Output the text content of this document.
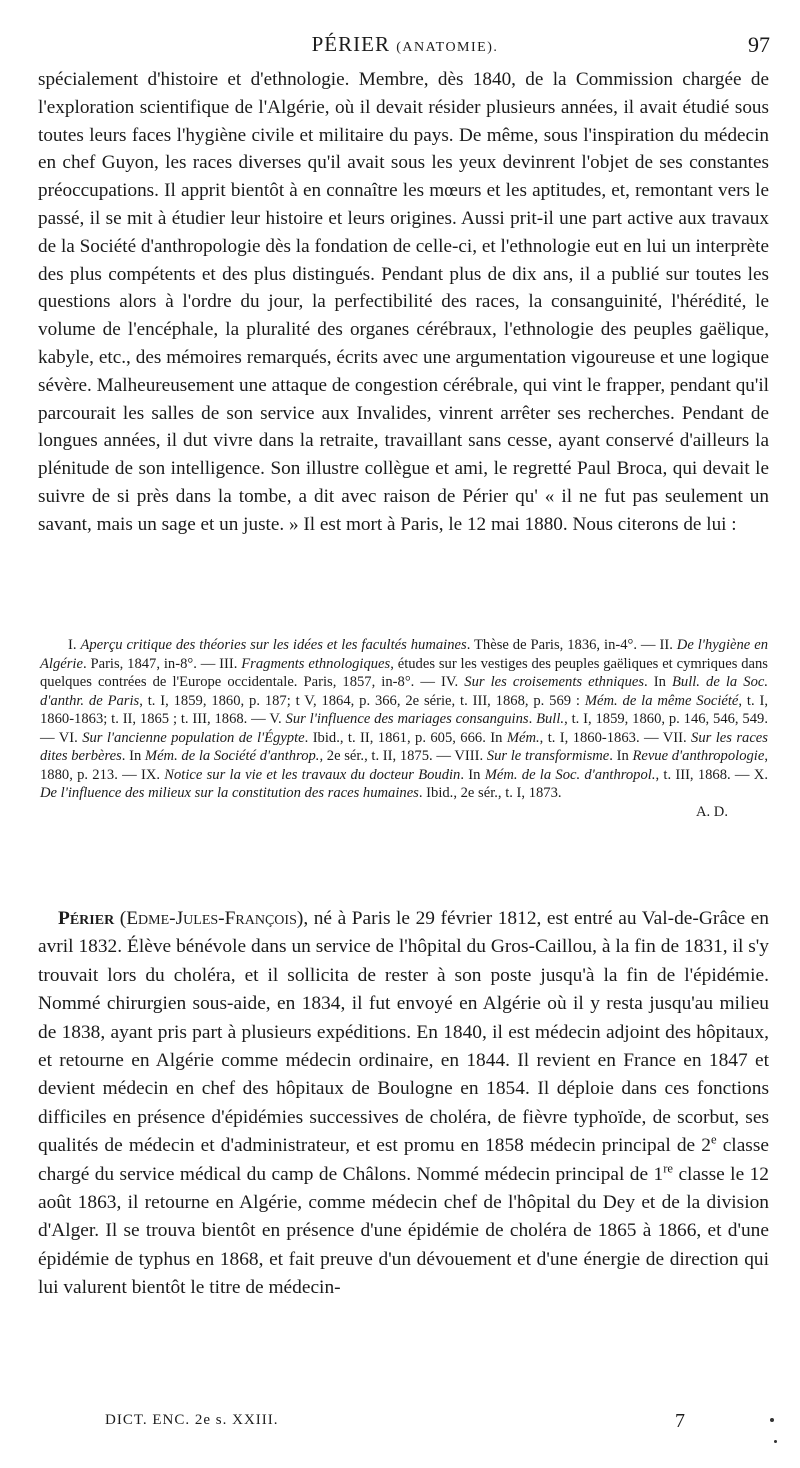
PÉRIER (ANATOMIE).	97

spécialement d'histoire et d'ethnologie. Membre, dès 1840, de la Commission chargée de l'exploration scientifique de l'Algérie, où il devait résider plusieurs années, il avait étudié sous toutes leurs faces l'hygiène civile et militaire du pays. De même, sous l'inspiration du médecin en chef Guyon, les races diverses qu'il avait sous les yeux devinrent l'objet de ses constantes préoccupations. Il apprit bientôt à en connaître les mœurs et les aptitudes, et, remontant vers le passé, il se mit à étudier leur histoire et leurs origines. Aussi prit-il une part active aux travaux de la Société d'anthropologie dès la fondation de celle-ci, et l'ethnologie eut en lui un interprète des plus compétents et des plus distingués. Pendant plus de dix ans, il a publié sur toutes les questions alors à l'ordre du jour, la perfectibilité des races, la consanguinité, l'hérédité, le volume de l'encéphale, la pluralité des organes cérébraux, l'ethnologie des peuples gaëlique, kabyle, etc., des mémoires remarqués, écrits avec une argumentation vigoureuse et une logique sévère. Malheureusement une attaque de congestion cérébrale, qui vint le frapper, pendant qu'il parcourait les salles de son service aux Invalides, vinrent arrêter ses recherches. Pendant de longues années, il dut vivre dans la retraite, travaillant sans cesse, ayant conservé d'ailleurs la plénitude de son intelligence. Son illustre collègue et ami, le regretté Paul Broca, qui devait le suivre de si près dans la tombe, a dit avec raison de Périer qu' « il ne fut pas seulement un savant, mais un sage et un juste. » Il est mort à Paris, le 12 mai 1880. Nous citerons de lui :

I. Aperçu critique des théories sur les idées et les facultés humaines. Thèse de Paris, 1836, in-4°. — II. De l'hygiène en Algérie. Paris, 1847, in-8°. — III. Fragments ethnologiques, études sur les vestiges des peuples gaëliques et cymriques dans quelques contrées de l'Europe occidentale. Paris, 1857, in-8°. — IV. Sur les croisements ethniques. In Bull. de la Soc. d'anthr. de Paris, t. I, 1859, 1860, p. 187; t V, 1864, p. 366, 2e série, t. III, 1868, p. 569 : Mém. de la même Société, t. I, 1860-1863; t. II, 1865 ; t. III, 1868. — V. Sur l'influence des mariages consanguins. Bull., t. I, 1859, 1860, p. 146, 546, 549. — VI. Sur l'ancienne population de l'Égypte. Ibid., t. II, 1861, p. 605, 666. In Mém., t. I, 1860-1863. — VII. Sur les races dites berbères. In Mém. de la Société d'anthrop., 2e sér., t. II, 1875. — VIII. Sur le transformisme. In Revue d'anthropologie, 1880, p. 213. — IX. Notice sur la vie et les travaux du docteur Boudin. In Mém. de la Soc. d'anthropol., t. III, 1868. — X. De l'influence des milieux sur la constitution des races humaines. Ibid., 2e sér., t. I, 1873.

A. D.

Périer (Edme-Jules-François), né à Paris le 29 février 1812, est entré au Val-de-Grâce en avril 1832. Élève bénévole dans un service de l'hôpital du Gros-Caillou, à la fin de 1831, il s'y trouvait lors du choléra, et il sollicita de rester à son poste jusqu'à la fin de l'épidémie. Nommé chirurgien sous-aide, en 1834, il fut envoyé en Algérie où il y resta jusqu'au milieu de 1838, ayant pris part à plusieurs expéditions. En 1840, il est médecin adjoint des hôpitaux, et retourne en Algérie comme médecin ordinaire, en 1844. Il revient en France en 1847 et devient médecin en chef des hôpitaux de Boulogne en 1854. Il déploie dans ces fonctions difficiles en présence d'épidémies successives de choléra, de fièvre typhoïde, de scorbut, ses qualités de médecin et d'administrateur, et est promu en 1858 médecin principal de 2e classe chargé du service médical du camp de Châlons. Nommé médecin principal de 1re classe le 12 août 1863, il retourne en Algérie, comme médecin chef de l'hôpital du Dey et de la division d'Alger. Il se trouva bientôt en présence d'une épidémie de choléra de 1865 à 1866, et d'une épidémie de typhus en 1868, et fait preuve d'un dévouement et d'une énergie de direction qui lui valurent bientôt le titre de médecin-

DICT. ENC. 2e s. XXIII.	7
